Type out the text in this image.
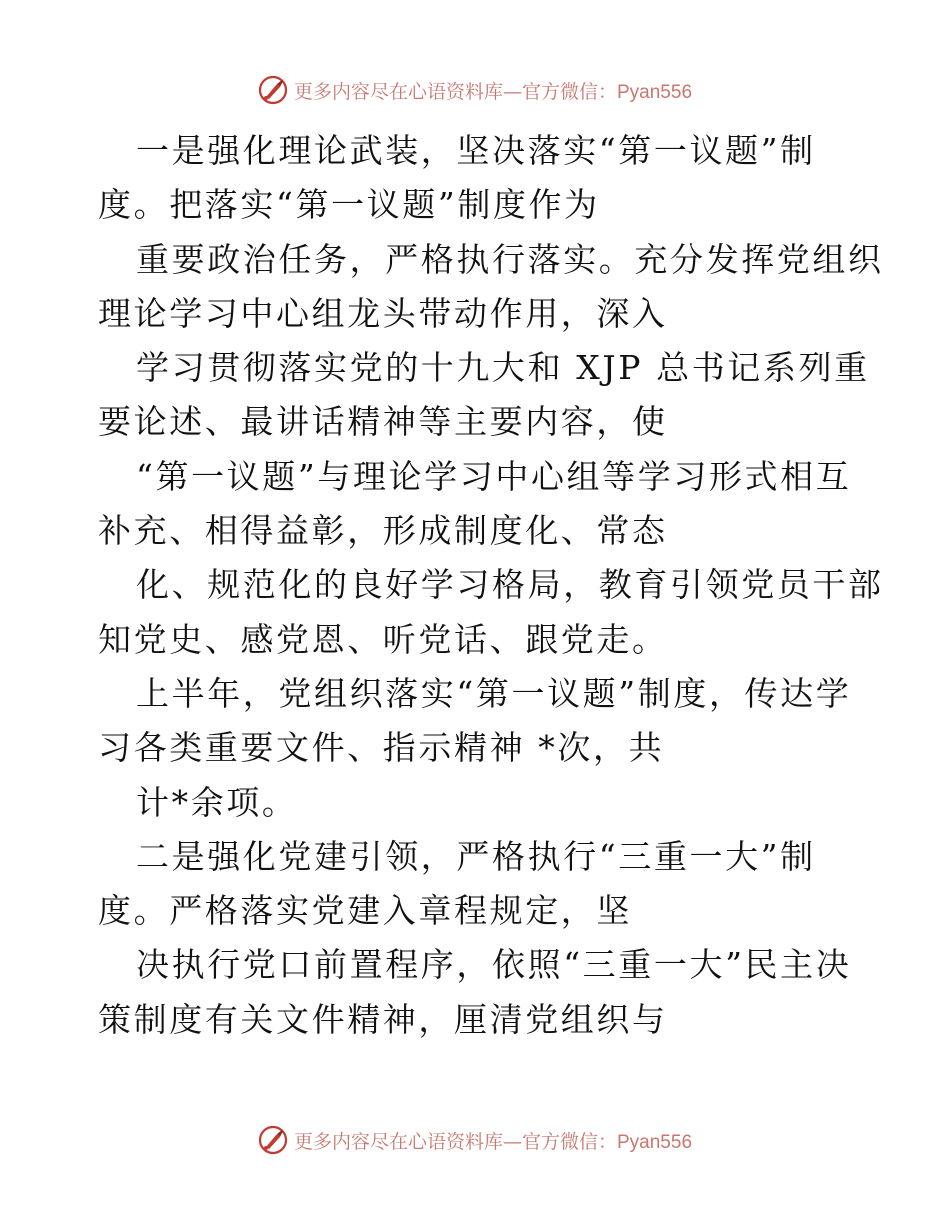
更多内容尽在心语资料库—官方微信：Pyan556
一是强化理论武装，坚决落实“第一议题”制
度。把落实“第一议题”制度作为
重要政治任务，严格执行落实。充分发挥党组织
理论学习中心组龙头带动作用，深入
学习贯彻落实党的十九大和 XJP 总书记系列重
要论述、最讲话精神等主要内容，使
“第一议题”与理论学习中心组等学习形式相互
补充、相得益彰，形成制度化、常态
化、规范化的良好学习格局，教育引领党员干部
知党史、感党恩、听党话、跟党走。
上半年，党组织落实“第一议题”制度，传达学
习各类重要文件、指示精神 *次，共
计*余项。
二是强化党建引领，严格执行“三重一大”制
度。严格落实党建入章程规定，坚
决执行党口前置程序，依照“三重一大”民主决
策制度有关文件精神，厘清党组织与
更多内容尽在心语资料库—官方微信：Pyan556
